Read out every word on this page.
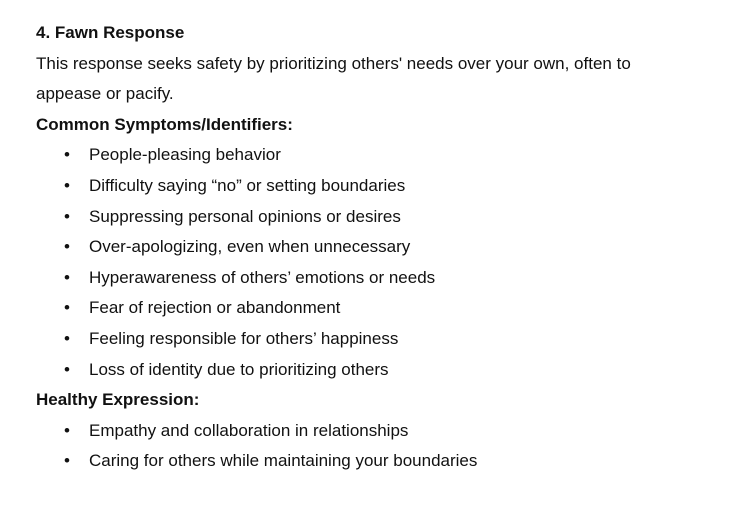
4. Fawn Response
This response seeks safety by prioritizing others' needs over your own, often to
appease or pacify.
Common Symptoms/Identifiers:
• People-pleasing behavior
• Difficulty saying “no” or setting boundaries
• Suppressing personal opinions or desires
• Over-apologizing, even when unnecessary
• Hyperawareness of others’ emotions or needs
• Fear of rejection or abandonment
• Feeling responsible for others’ happiness
• Loss of identity due to prioritizing others
Healthy Expression:
• Empathy and collaboration in relationships
• Caring for others while maintaining your boundaries
